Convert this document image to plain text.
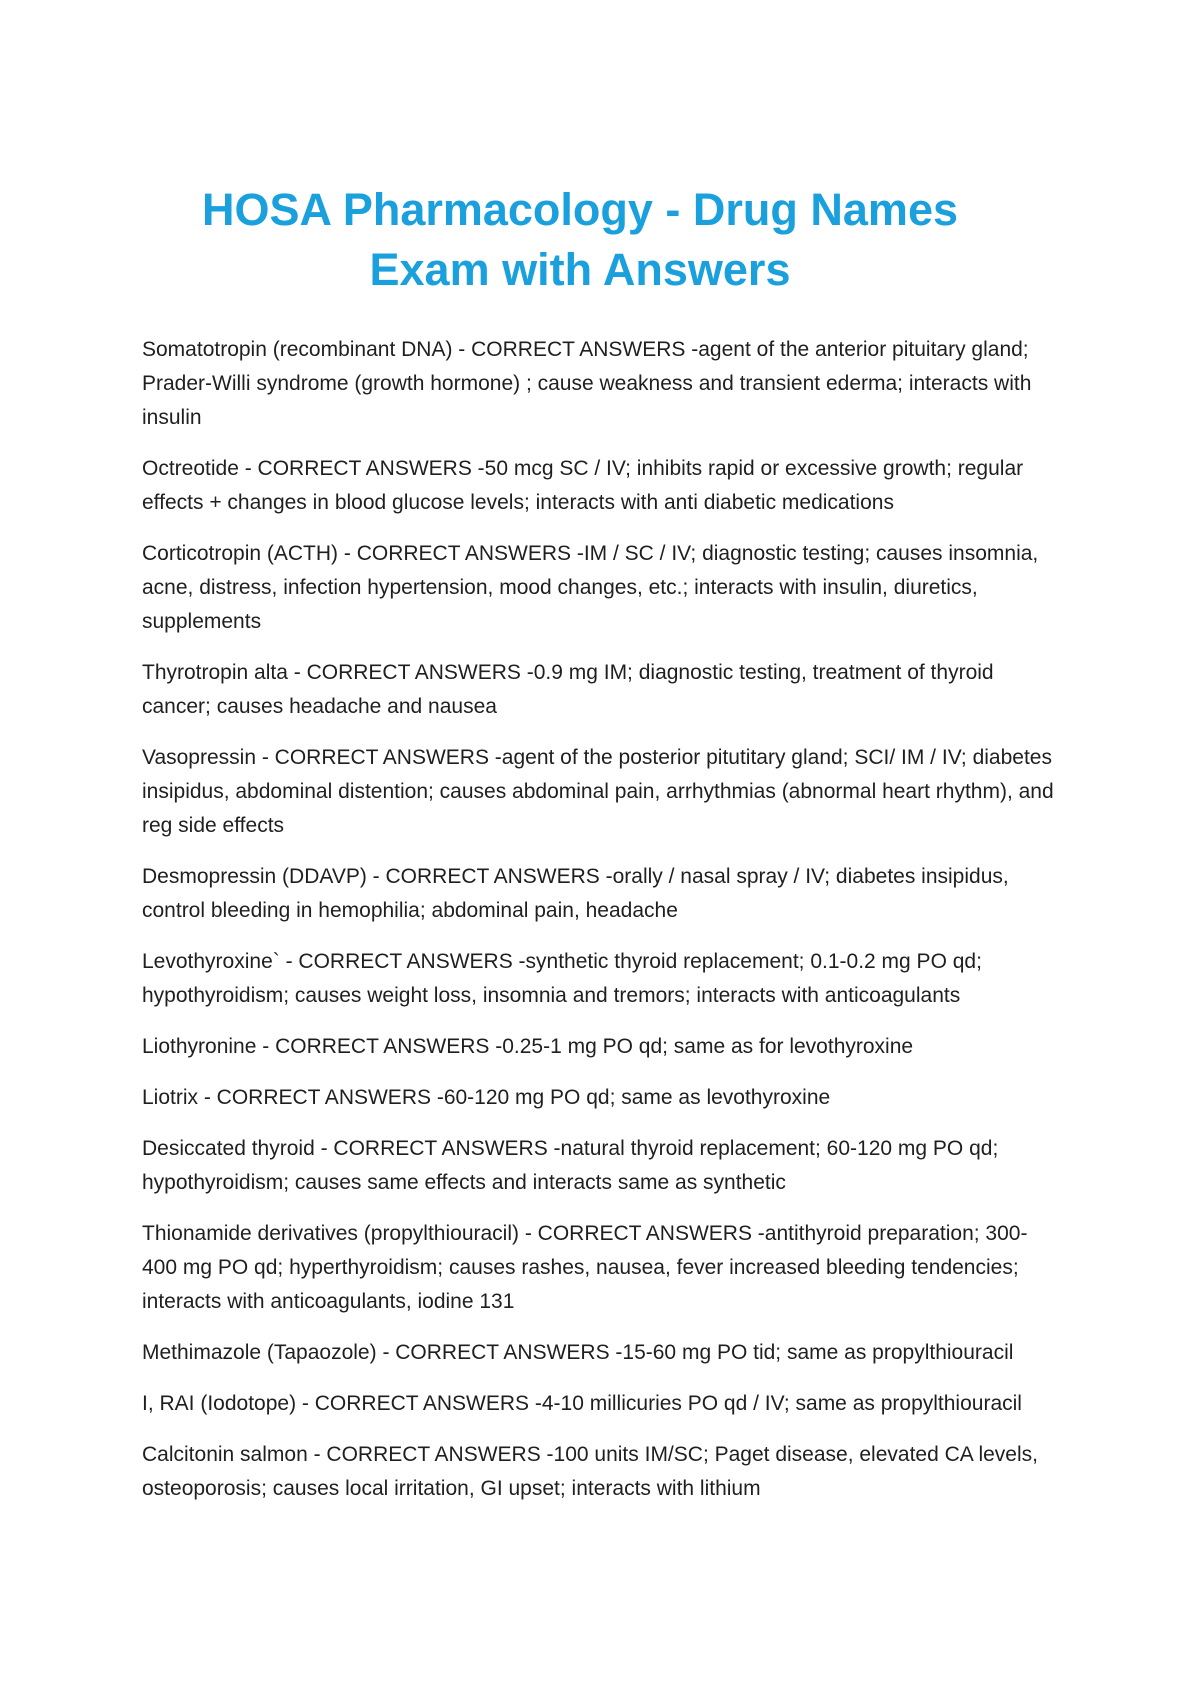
HOSA Pharmacology - Drug Names
Exam with Answers

Somatotropin (recombinant DNA) - CORRECT ANSWERS -agent of the anterior pituitary gland; Prader-Willi syndrome (growth hormone) ; cause weakness and transient ederma; interacts with insulin

Octreotide - CORRECT ANSWERS -50 mcg SC / IV; inhibits rapid or excessive growth; regular effects + changes in blood glucose levels; interacts with anti diabetic medications

Corticotropin (ACTH) - CORRECT ANSWERS -IM / SC / IV; diagnostic testing; causes insomnia, acne, distress, infection hypertension, mood changes, etc.; interacts with insulin, diuretics, supplements

Thyrotropin alta - CORRECT ANSWERS -0.9 mg IM; diagnostic testing, treatment of thyroid cancer; causes headache and nausea

Vasopressin - CORRECT ANSWERS -agent of the posterior pitutitary gland; SCI/ IM / IV; diabetes insipidus, abdominal distention; causes abdominal pain, arrhythmias (abnormal heart rhythm), and reg side effects

Desmopressin (DDAVP) - CORRECT ANSWERS -orally / nasal spray / IV; diabetes insipidus, control bleeding in hemophilia; abdominal pain, headache

Levothyroxine` - CORRECT ANSWERS -synthetic thyroid replacement; 0.1-0.2 mg PO qd; hypothyroidism; causes weight loss, insomnia and tremors; interacts with anticoagulants

Liothyronine - CORRECT ANSWERS -0.25-1 mg PO qd; same as for levothyroxine

Liotrix - CORRECT ANSWERS -60-120 mg PO qd; same as levothyroxine

Desiccated thyroid - CORRECT ANSWERS -natural thyroid replacement; 60-120 mg PO qd; hypothyroidism; causes same effects and interacts same as synthetic

Thionamide derivatives (propylthiouracil) - CORRECT ANSWERS -antithyroid preparation; 300-400 mg PO qd; hyperthyroidism; causes rashes, nausea, fever increased bleeding tendencies; interacts with anticoagulants, iodine 131

Methimazole (Tapaozole) - CORRECT ANSWERS -15-60 mg PO tid; same as propylthiouracil

I, RAI (Iodotope) - CORRECT ANSWERS -4-10 millicuries PO qd / IV; same as propylthiouracil

Calcitonin salmon - CORRECT ANSWERS -100 units IM/SC; Paget disease, elevated CA levels, osteoporosis; causes local irritation, GI upset; interacts with lithium
